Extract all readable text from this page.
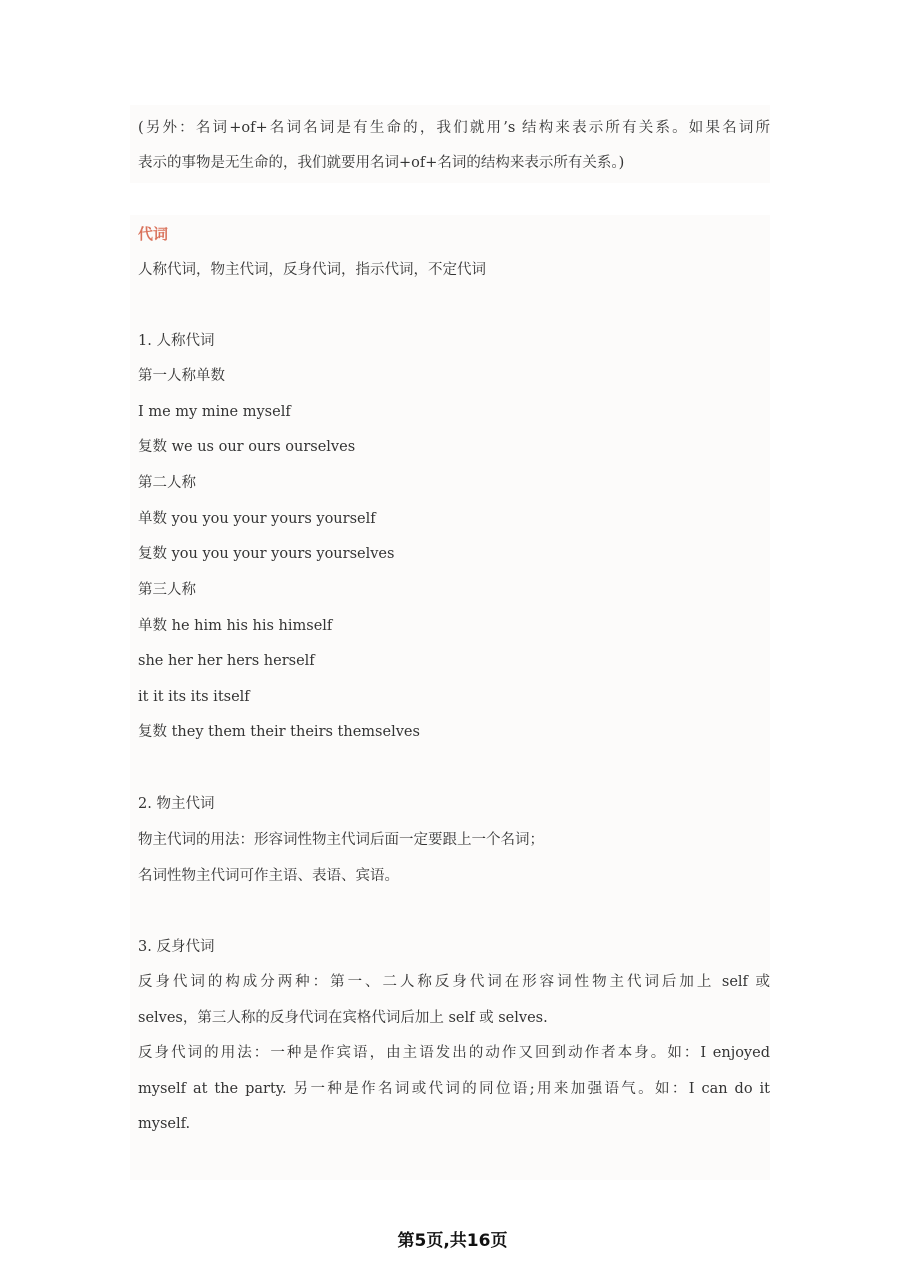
(另外：名词+of+名词名词是有生命的，我们就用’s 结构来表示所有关系。如果名词所
表示的事物是无生命的，我们就要用名词+of+名词的结构来表示所有关系。)
代词
人称代词，物主代词，反身代词，指示代词，不定代词
1. 人称代词
第一人称单数
I me my mine myself
复数 we us our ours ourselves
第二人称
单数 you you your yours yourself
复数 you you your yours yourselves
第三人称
单数 he him his his himself
she her her hers herself
it it its its itself
复数 they them their theirs themselves
2. 物主代词
物主代词的用法：形容词性物主代词后面一定要跟上一个名词；
名词性物主代词可作主语、表语、宾语。
3. 反身代词
反身代词的构成分两种：第一、二人称反身代词在形容词性物主代词后加上 self 或
selves，第三人称的反身代词在宾格代词后加上 self 或 selves.
反身代词的用法：一种是作宾语，由主语发出的动作又回到动作者本身。如：I enjoyed
myself at the party. 另一种是作名词或代词的同位语;用来加强语气。如：I can do it
myself.
第5页,共16页
